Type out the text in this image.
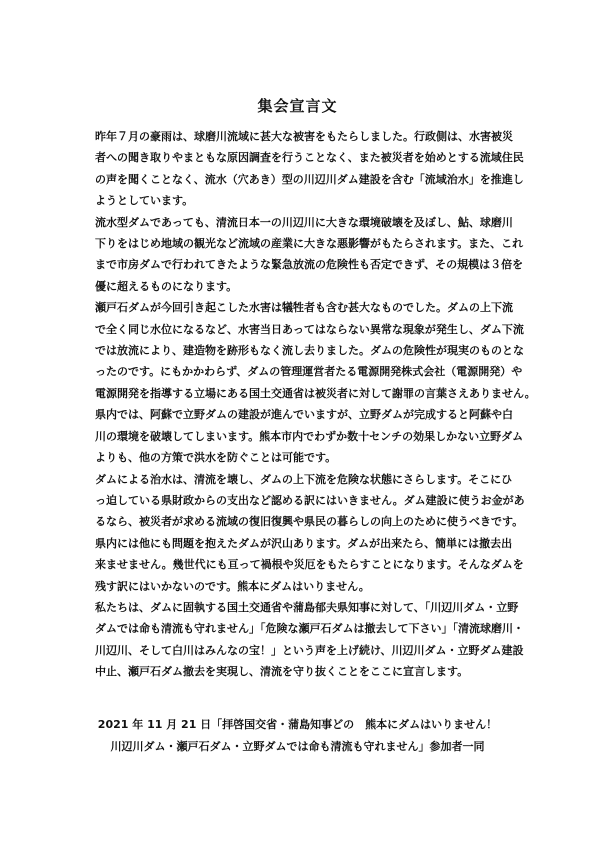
集会宣言文

昨年７月の豪雨は、球磨川流域に甚大な被害をもたらしました。行政側は、水害被災
者への聞き取りやまともな原因調査を行うことなく、また被災者を始めとする流域住民
の声を聞くことなく、流水（穴あき）型の川辺川ダム建設を含む「流域治水」を推進し
ようとしています。

流水型ダムであっても、清流日本一の川辺川に大きな環境破壊を及ぼし、鮎、球磨川
下りをはじめ地域の観光など流域の産業に大きな悪影響がもたらされます。また、これ
まで市房ダムで行われてきたような緊急放流の危険性も否定できず、その規模は３倍を
優に超えるものになります。

瀬戸石ダムが今回引き起こした水害は犠牲者も含む甚大なものでした。ダムの上下流
で全く同じ水位になるなど、水害当日あってはならない異常な現象が発生し、ダム下流
では放流により、建造物を跡形もなく流し去りました。ダムの危険性が現実のものとな
ったのです。にもかかわらず、ダムの管理運営者たる電源開発株式会社（電源開発）や
電源開発を指導する立場にある国土交通省は被災者に対して謝罪の言葉さえありません。

県内では、阿蘇で立野ダムの建設が進んでいますが、立野ダムが完成すると阿蘇や白
川の環境を破壊してしまいます。熊本市内でわずか数十センチの効果しかない立野ダム
よりも、他の方策で洪水を防ぐことは可能です。

ダムによる治水は、清流を壊し、ダムの上下流を危険な状態にさらします。そこにひ
っ迫している県財政からの支出など認める訳にはいきません。ダム建設に使うお金があ
るなら、被災者が求める流域の復旧復興や県民の暮らしの向上のために使うべきです。

県内には他にも問題を抱えたダムが沢山あります。ダムが出来たら、簡単には撤去出
来ませません。幾世代にも亘って禍根や災厄をもたらすことになります。そんなダムを
残す訳にはいかないのです。熊本にダムはいりません。

私たちは、ダムに固執する国土交通省や蒲島郁夫県知事に対して、「川辺川ダム・立野
ダムでは命も清流も守れません」「危険な瀬戸石ダムは撤去して下さい」「清流球磨川・
川辺川、そして白川はみんなの宝！」という声を上げ続け、川辺川ダム・立野ダム建設
中止、瀬戸石ダム撤去を実現し、清流を守り抜くことをここに宣言します。

2021 年 11 月 21 日「拝啓国交省・蒲島知事どの　熊本にダムはいりません！
川辺川ダム・瀬戸石ダム・立野ダムでは命も清流も守れません」参加者一同
